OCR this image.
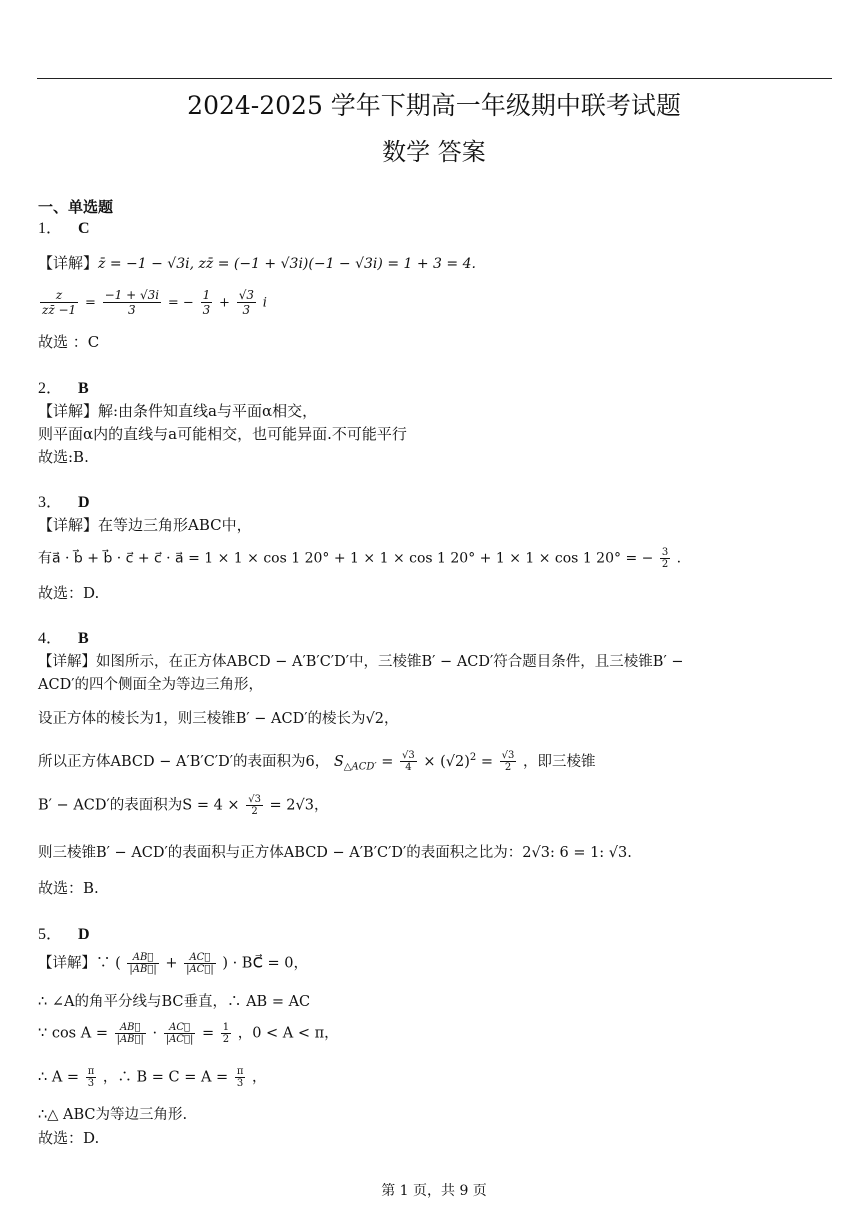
2024-2025 学年下期高一年级期中联考试题
数学 答案
一、单选题
1． C
【详解】z̄ = −1 − √3i, zz̄ = (−1 + √3i)(−1 − √3i) = 1 + 3 = 4.
$\frac{z}{zz̄ -1} = \frac{-1 + √3i}{3}$ = − $\frac{1}{3} + \frac{√3}{3}$ i
故选 ：C
2． B
【详解】解:由条件知直线a与平面α相交，
则平面α内的直线与a可能相交，也可能异面.不可能平行
故选:B.
3． D
【详解】在等边三角形ABC中，
有a⃗ · b⃗ + b⃗ · c⃗ + c⃗ · a⃗ = 1 × 1 × cos 1 20° + 1 × 1 × cos 1 20° + 1 × 1 × cos 1 20° = − $\frac{3}{2}$ .
故选：D.
4． B
【详解】如图所示，在正方体ABCD − A′B′C′D′中，三棱锥B′ − ACD′符合题目条件，且三棱锥B′ −
ACD′的四个侧面全为等边三角形，
设正方体的棱长为1，则三棱锥B′ − ACD′的棱长为√2，
所以正方体ABCD − A′B′C′D′的表面积为6， $S_{\triangle ACD'} = \frac{√3}{4} \times (√2)^2 = \frac{√3}{2}$ ，即三棱锥
B′ − ACD′的表面积为$S = 4 \times \frac{√3}{2} = 2√3$，
则三棱锥B′ − ACD′的表面积与正方体ABCD − A′B′C′D′的表面积之比为：2√3: 6 = 1: √3.
故选：B.
5． D
【详解】∵ ( $\frac{AB⃗}{|AB⃗|} + \frac{AC⃗}{|AC⃗|}$ ) · BC⃗ = 0，
∴ ∠A的角平分线与BC垂直，∴ AB = AC
∵ $\cos A = \frac{AB⃗}{|AB⃗|} \cdot \frac{AC⃗}{|AC⃗|} = \frac{1}{2}$ ，0 < A < π，
∴ $A = \frac{\pi}{3}$ ，∴ $B = C = A = \frac{\pi}{3}$ ，
∴△ ABC为等边三角形.
故选：D.
第 1 页，共 9 页
